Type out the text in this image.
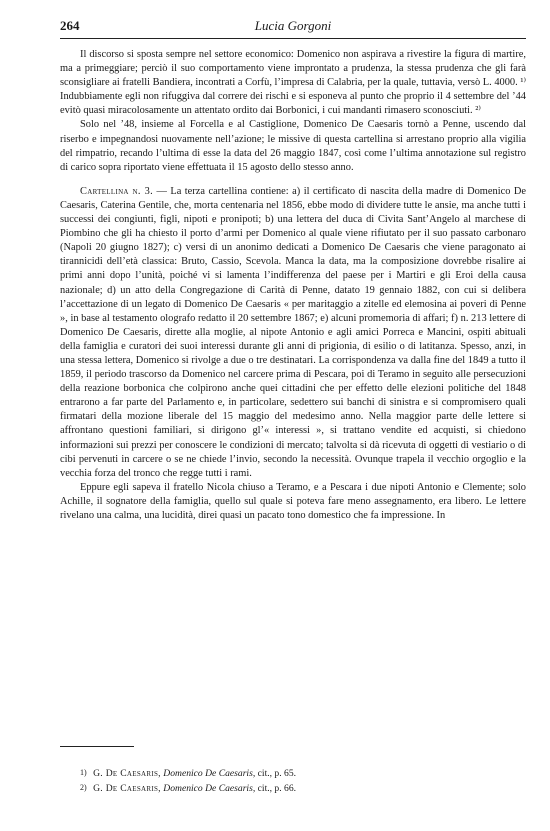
264	Lucia Gorgoni

Il discorso si sposta sempre nel settore economico: Domenico non aspirava a rivestire la figura di martire, ma a primeggiare; perciò il suo comportamento viene improntato a prudenza, la stessa prudenza che gli farà sconsigliare ai fratelli Bandiera, incontrati a Corfù, l’impresa di Calabria, per la quale, tuttavia, versò L. 4000. ¹⁾ Indubbiamente egli non rifuggiva dal correre dei rischi e si esponeva al punto che proprio il 4 settembre del ’44 evitò quasi miracolosamente un attentato ordito dai Borbonici, i cui mandanti rimasero sconosciuti. ²⁾

Solo nel ’48, insieme al Forcella e al Castiglione, Domenico De Caesaris tornò a Penne, uscendo dal riserbo e impegnandosi nuovamente nell’azione; le missive di questa cartellina si arrestano proprio alla vigilia del rimpatrio, recando l’ultima di esse la data del 26 maggio 1847, così come l’ultima annotazione sul registro di carico sopra riportato viene effettuata il 15 agosto dello stesso anno.

Cartellina n. 3. — La terza cartellina contiene: a) il certificato di nascita della madre di Domenico De Caesaris, Caterina Gentile, che, morta centenaria nel 1856, ebbe modo di dividere tutte le ansie, ma anche tutti i successi dei congiunti, figli, nipoti e pronipoti; b) una lettera del duca di Civita Sant’Angelo al marchese di Piombino che gli ha chiesto il porto d’armi per Domenico al quale viene rifiutato per il suo passato carbonaro (Napoli 20 giugno 1827); c) versi di un anonimo dedicati a Domenico De Caesaris che viene paragonato ai tirannicidi dell’età classica: Bruto, Cassio, Scevola. Manca la data, ma la composizione dovrebbe risalire ai primi anni dopo l’unità, poiché vi si lamenta l’indifferenza del paese per i Martiri e gli Eroi della causa nazionale; d) un atto della Congregazione di Carità di Penne, datato 19 gennaio 1882, con cui si delibera l’accettazione di un legato di Domenico De Caesaris « per maritaggio a zitelle ed elemosina ai poveri di Penne », in base al testamento olografo redatto il 20 settembre 1867; e) alcuni promemoria di affari; f) n. 213 lettere di Domenico De Caesaris, dirette alla moglie, al nipote Antonio e agli amici Porreca e Mancini, ospiti abituali della famiglia e curatori dei suoi interessi durante gli anni di prigionia, di esilio o di latitanza. Spesso, anzi, in una stessa lettera, Domenico si rivolge a due o tre destinatari. La corrispondenza va dalla fine del 1849 a tutto il 1859, il periodo trascorso da Domenico nel carcere prima di Pescara, poi di Teramo in seguito alle persecuzioni della reazione borbonica che colpirono anche quei cittadini che per effetto delle elezioni politiche del 1848 entrarono a far parte del Parlamento e, in particolare, sedettero sui banchi di sinistra e si compromisero quali firmatari della mozione liberale del 15 maggio del medesimo anno. Nella maggior parte delle lettere si affrontano questioni familiari, si dirigono gl’« interessi », si trattano vendite ed acquisti, si chiedono informazioni sui prezzi per conoscere le condizioni di mercato; talvolta si dà ricevuta di oggetti di vestiario o di cibi pervenuti in carcere o se ne chiede l’invio, secondo la necessità. Ovunque trapela il vecchio orgoglio e la vecchia forza del tronco che regge tutti i rami.

Eppure egli sapeva il fratello Nicola chiuso a Teramo, e a Pescara i due nipoti Antonio e Clemente; solo Achille, il sognatore della famiglia, quello sul quale si poteva fare meno assegnamento, era libero. Le lettere rivelano una calma, una lucidità, direi quasi un pacato tono domestico che fa impressione. In

1) G. De Caesaris, Domenico De Caesaris, cit., p. 65.
2) G. De Caesaris, Domenico De Caesaris, cit., p. 66.
